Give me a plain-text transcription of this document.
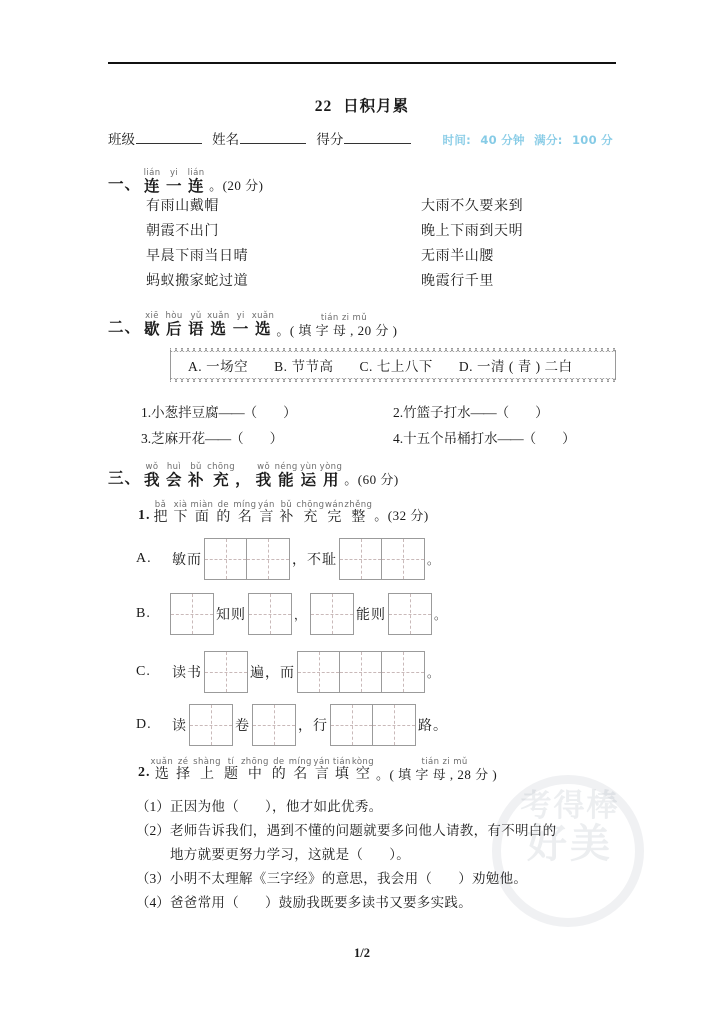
考得棒
好美
22 日积月累
班级	姓名	得分	时间: 40 分钟 满分: 100 分
一、
lián
连
yi
一
lián
连 。(20 分)
有雨山戴帽	大雨不久要来到
朝霞不出门	晚上下雨到天明
早晨下雨当日晴	无雨半山腰
蚂蚁搬家蛇过道	晚霞行千里
二、
xiē
歇
hòu
后
yǔ
语
xuǎn
选
yi
一
xuǎn
选
tián zi mǔ
。( 填 字 母 , 20 分 )
A. 一场空 B. 节节高 C. 七上八下 D. 一清 ( 青 ) 二白
1.小葱拌豆腐——（ ）	2.竹篮子打水——（ ）
3.芝麻开花——（ ）	4.十五个吊桶打水——（ ）
三、
wǒ
我
huì
会
bǔ
补
chōng
充 ，
wǒ
我
néng
能
yùn
运
yòng
用 。(60 分)
1.
bǎ
把
xià
下
miàn
面
de
的
míng
名
yán
言
bǔ
补
chōng
充
wán
完
zhěng
整 。(32 分)
A.	敏而	，不耻	。
B.	知则	，	能则	。
C.	读书	遍，而	。
D.	读	卷	，行	路。
2.
xuǎn
选
zé
择
shàng
上
tí
题
zhōng
中
de
的
míng
名
yán
言
tián
填
kòng
空
tián zi mǔ
。( 填 字 母 , 28 分 )
（1） 正因为他（ ），他才如此优秀。
（2） 老师告诉我们，遇到不懂的问题就要多问他人请教，有不明白的
地方就要更努力学习，这就是（ ）。
（3） 小明不太理解《三字经》的意思，我会用（ ）劝勉他。
（4） 爸爸常用（ ）鼓励我既要多读书又要多实践。
1/2
